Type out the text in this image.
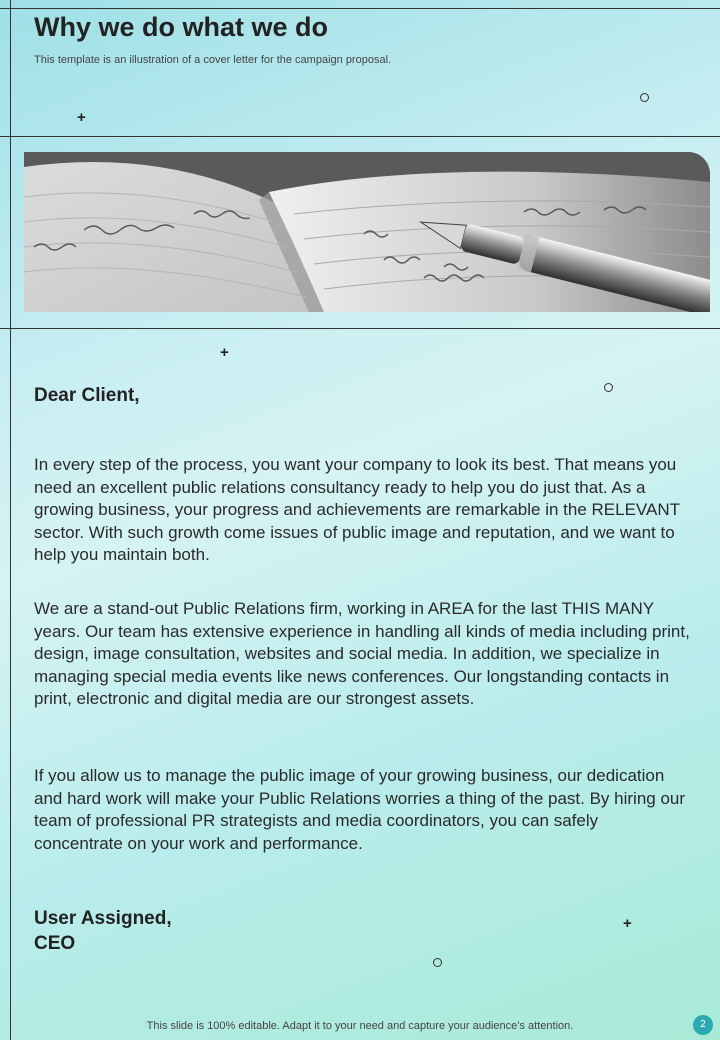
Why we do what we do
This template is an illustration of a cover letter for the campaign proposal.
+
+
+
Dear Client,

In every step of the process, you want your company to look its best. That means you need an excellent public relations consultancy ready to help you do just that. As a growing business, your progress and achievements are remarkable in the RELEVANT sector. With such growth come issues of public image and reputation, and we want to help you maintain both.

We are a stand-out Public Relations firm, working in AREA for the last THIS MANY years. Our team has extensive experience in handling all kinds of media including print, design, image consultation, websites and social media. In addition, we specialize in managing special media events like news conferences. Our longstanding contacts in print, electronic and digital media are our strongest assets.

If you allow us to manage the public image of your growing business, our dedication and hard work will make your Public Relations worries a thing of the past. By hiring our team of professional PR strategists and media coordinators, you can safely concentrate on your work and performance.

User Assigned,
CEO
This slide is 100% editable. Adapt it to your need and capture your audience’s attention.	2
